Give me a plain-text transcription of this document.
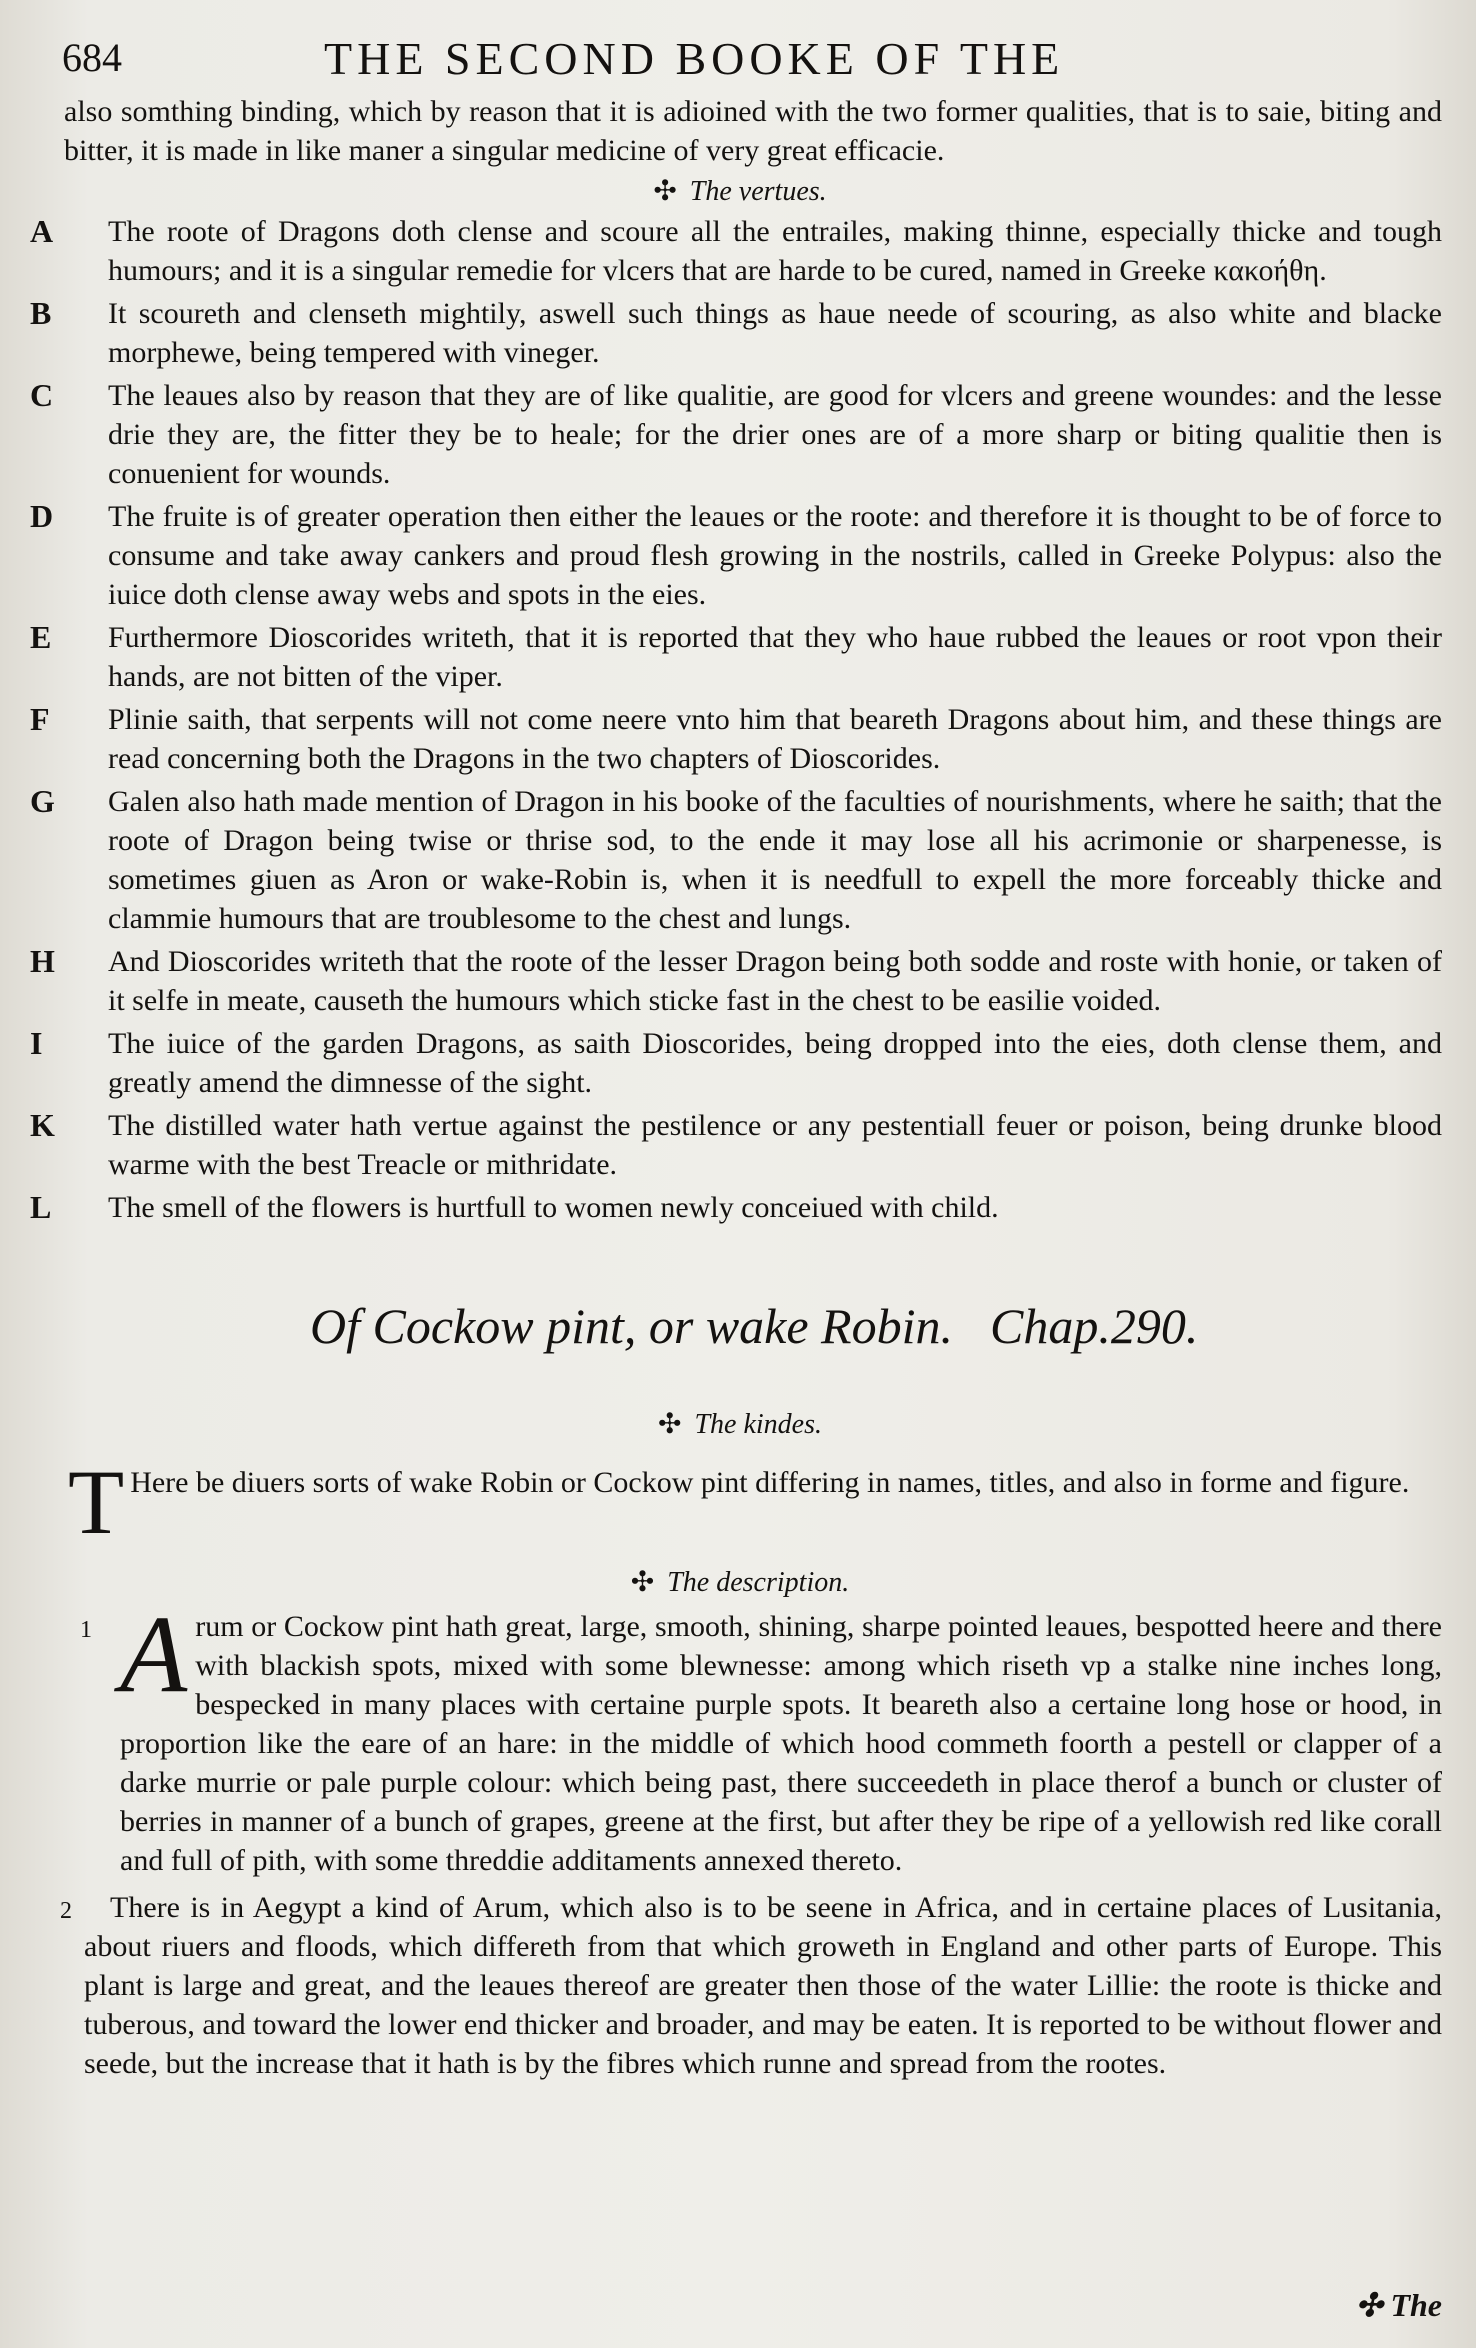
684	THE SECOND BOOKE OF THE

also somthing binding, which by reason that it is adioined with the two former qualities, that is to saie, biting and bitter, it is made in like maner a singular medicine of very great efficacie.

✣ The vertues.
A	The roote of Dragons doth clense and scoure all the entrailes, making thinne, especially thicke and tough humours; and it is a singular remedie for vlcers that are harde to be cured, named in Greeke κακοήθη.
B	It scoureth and clenseth mightily, aswell such things as haue neede of scouring, as also white and blacke morphewe, being tempered with vineger.
C	The leaues also by reason that they are of like qualitie, are good for vlcers and greene woundes: and the lesse drie they are, the fitter they be to heale; for the drier ones are of a more sharp or biting qualitie then is conuenient for wounds.
D	The fruite is of greater operation then either the leaues or the roote: and therefore it is thought to be of force to consume and take away cankers and proud flesh growing in the nostrils, called in Greeke Polypus: also the iuice doth clense away webs and spots in the eies.
E	Furthermore Dioscorides writeth, that it is reported that they who haue rubbed the leaues or root vpon their hands, are not bitten of the viper.
F	Plinie saith, that serpents will not come neere vnto him that beareth Dragons about him, and these things are read concerning both the Dragons in the two chapters of Dioscorides.
G	Galen also hath made mention of Dragon in his booke of the faculties of nourishments, where he saith; that the roote of Dragon being twise or thrise sod, to the ende it may lose all his acrimonie or sharpenesse, is sometimes giuen as Aron or wake-Robin is, when it is needfull to expell the more forceably thicke and clammie humours that are troublesome to the chest and lungs.
H	And Dioscorides writeth that the roote of the lesser Dragon being both sodde and roste with honie, or taken of it selfe in meate, causeth the humours which sticke fast in the chest to be easilie voided.
I	The iuice of the garden Dragons, as saith Dioscorides, being dropped into the eies, doth clense them, and greatly amend the dimnesse of the sight.
K	The distilled water hath vertue against the pestilence or any pestentiall feuer or poison, being drunke blood warme with the best Treacle or mithridate.
L	The smell of the flowers is hurtfull to women newly conceiued with child.
Of Cockow pint, or wake Robin. Chap.290.
✣ The kindes.
T Here be diuers sorts of wake Robin or Cockow pint differing in names, titles, and also in forme and figure.
✣ The description.
1 A rum or Cockow pint hath great, large, smooth, shining, sharpe pointed leaues, bespotted heere and there with blackish spots, mixed with some blewnesse: among which riseth vp a stalke nine inches long, bespecked in many places with certaine purple spots. It beareth also a certaine long hose or hood, in proportion like the eare of an hare: in the middle of which hood commeth foorth a pestell or clapper of a darke murrie or pale purple colour: which being past, there succeedeth in place therof a bunch or cluster of berries in manner of a bunch of grapes, greene at the first, but after they be ripe of a yellowish red like corall and full of pith, with some threddie additaments annexed thereto.
2 There is in Aegypt a kind of Arum, which also is to be seene in Africa, and in certaine places of Lusitania, about riuers and floods, which differeth from that which groweth in England and other parts of Europe. This plant is large and great, and the leaues thereof are greater then those of the water Lillie: the roote is thicke and tuberous, and toward the lower end thicker and broader, and may be eaten. It is reported to be without flower and seede, but the increase that it hath is by the fibres which runne and spread from the rootes.
✣ The
